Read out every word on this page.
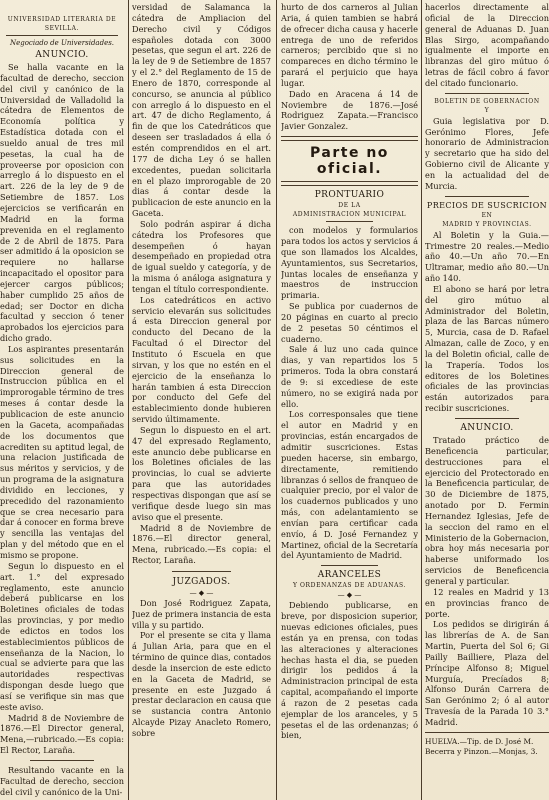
UNIVERSIDAD LITERARIA DE
SEVILLA.
Negociado de Universidades.
ANUNCIO.

Se halla vacante en la facultad de derecho, seccion del civil y canónico de la Universidad de Valladolid la cátedra de Elementos de Economía política y Estadística dotada con el sueldo anual de tres mil pesetas, la cual ha de proveerse por oposicion con arreglo á lo dispuesto en el art. 226 de la ley de 9 de Setiembre de 1857. Los ejercicios se verificarán en Madrid en la forma prevenida en el reglamento de 2 de Abril de 1875. Para ser admitido á la oposicion se requiere no hallarse incapacitado el opositor para ejercer cargos públicos; haber cumplido 25 años de edad; ser Doctor en dicha facultad y seccion ó tener aprobados los ejercicios para dicho grado.

Los aspirantes presentarán sus solicitudes en la Direccion general de Instruccion pública en el improrogable término de tres meses á contar desde la publicacion de este anuncio en la Gaceta, acompañadas de los documentos que acrediten su aptitud legal, de una relacion justificada de sus méritos y servicios, y de un programa de la asignatura dividido en lecciones, y precedido del razonamiento que se crea necesario para dar á conocer en forma breve y sencilla las ventajas del plan y del método que en el mismo se propone.

Segun lo dispuesto en el art. 1.° del expresado reglamento, este anuncio deberá publicarse en los Boletines oficiales de todas las provincias, y por medio de edictos en todos los establecimientos públicos de enseñanza de la Nacion, lo cual se advierte para que las autoridades respectivas dispongan desde luego que así se verifique sin mas que este aviso.

Madrid 8 de Noviembre de 1876.—El Director general, Mena,—rubricado.—Es copia: El Rector, Laraña.

Resultando vacante en la Facultad de derecho, seccion del civil y canónico de la Uni-

versidad de Salamanca la cátedra de Ampliacion del Derecho civil y Códigos españoles dotada con 3000 pesetas, que segun el art. 226 de la ley de 9 de Setiembre de 1857 y el 2.° del Reglamento de 15 de Enero de 1870, corresponde al concurso, se anuncia al público con arreglo á lo dispuesto en el art. 47 de dicho Reglamento, á fin de que los Catedráticos que deseen ser trasladados á ella ó estén comprendidos en el art. 177 de dicha Ley ó se hallen excedentes, puedan solicitarla en el plazo improrogable de 20 dias á contar desde la publicacion de este anuncio en la Gaceta.

Solo podrán aspirar á dicha cátedra los Profesores que desempeñen ó hayan desempeñado en propiedad otra de igual sueldo y categoría, y de la misma ó análoga asignatura y tengan el título correspondiente.

Los catedráticos en activo servicio elevarán sus solicitudes á esta Direccion general por conducto del Decano de la Facultad ó el Director del Instituto ó Escuela en que sirvan, y los que no estén en el ejercicio de la enseñanza lo harán tambien á esta Direccion por conducto del Gefe del establecimiento donde hubieren servido últimamente.

Segun lo dispuesto en el art. 47 del expresado Reglamento, este anuncio debe publicarse en los Boletines oficiales de las provincias, lo cual se advierte para que las autoridades respectivas dispongan que así se verifique desde luego sin mas aviso que el presente.

Madrid 8 de Noviembre de 1876.—El director general, Mena, rubricado.—Es copia: el Rector, Laraña.

JUZGADOS.
— ◆ —

Don José Rodriguez Zapata, Juez de primera instancia de esta villa y su partido.

Por el presente se cita y llama á Julian Aria, para que en el término de quince dias, contados desde la insercion de este edicto en la Gaceta de Madrid, se presente en este Juzgado á prestar declaracion en causa que se sustancia contra Antonio Alcayde Pizay Anacleto Romero, sobre

hurto de dos carneros al Julian Aria, á quien tambien se habrá de ofrecer dicha causa y hacerle entrega de uno de referidos carneros; percibido que si no compareces en dicho término le parará el perjuicio que haya lugar.

Dado en Aracena á 14 de Noviembre de 1876.—José Rodriguez Zapata.—Francisco Javier Gonzalez.

Parte no oficial.
PRONTUARIO
DE LA
ADMINISTRACION MUNICIPAL

con modelos y formularios para todos los actos y servicios á que son llamados los Alcaldes, Ayuntamientos, sus Secretarios, Juntas locales de enseñanza y maestros de instruccion primaria.

Se publica por cuadernos de 20 páginas en cuarto al precio de 2 pesetas 50 céntimos el cuaderno.

Sale á luz uno cada quince dias, y van repartidos los 5 primeros. Toda la obra constará de 9: si excediese de este número, no se exigirá nada por ello.

Los corresponsales que tiene el autor en Madrid y en provincias, están encargados de admitir suscriciones. Estas pueden hacerse, sin embargo, directamente, remitiendo libranzas ó sellos de franqueo de cualquier precio, por el valor de los cuadernos publicados y uno más, con adelantamiento se envían para certificar cada envío, á D. José Fernandez y Martinez, oficial de la Secretaría del Ayuntamiento de Madrid.

ARANCELES
Y ORDENANZAS DE ADUANAS.
— ◆ —

Debiendo publicarse, en breve, por disposicion superior, nuevas ediciones oficiales, pues están ya en prensa, con todas las alteraciones y alteraciones hechas hasta el dia, se pueden dirigir los pedidos á la Administracion principal de esta capital, acompañando el importe á razon de 2 pesetas cada ejemplar de los aranceles, y 5 pesetas el de las ordenanzas; ó bien,

hacerlos directamente al oficial de la Direccion general de Aduanas D. Juan Blas Sirgo, acompañando igualmente el importe en libranzas del giro mútuo ó letras de fácil cobro á favor del citado funcionario.

BOLETIN DE GOBERNACION
Y

Guia legislativa por D. Gerónimo Flores, Jefe honorario de Administracion y secretario que ha sido del Gobierno civil de Alicante y en la actualidad del de Murcia.

PRECIOS DE SUSCRICION
EN
MADRID Y PROVINCIAS.

Al Boletin y la Guia.—Trimestre 20 reales.—Medio año 40.—Un año 70.—En Ultramar, medio año 80.—Un año 140.

El abono se hará por letra del giro mútuo al Administrador del Boletin, plaza de las Barcas número 5, Murcia, casa de D. Rafael Almazan, calle de Zoco, y en la del Boletin oficial, calle de la Trapería. Todos los editores de los Boletines oficiales de las provincias están autorizados para recibir suscriciones.

ANUNCIO.

Tratado práctico de Beneficencia particular, destrucciones para el ejercicio del Protectorado en la Beneficencia particular, de 30 de Diciembre de 1875, anotado por D. Fermin Hernandez Iglesias, Jefe de la seccion del ramo en el Ministerio de la Gobernacion, obra hoy más necesaria por haberse uniformado los servicios de Beneficencia general y particular.

12 reales en Madrid y 13 en provincias franco de porte.

Los pedidos se dirigirán á las librerías de A. de San Martin, Puerta del Sol 6; Gi Pailly Bailliere, Plaza del Príncipe Alfonso 8; Miguel Murguía, Precíados 8; Alfonso Durán Carrera de San Gerónimo 2; ó al autor Travesía de la Parada 10 3.° Madrid.

HUELVA.—Tip. de D. José M. Becerra y Pinzon.—Monjas, 3.
